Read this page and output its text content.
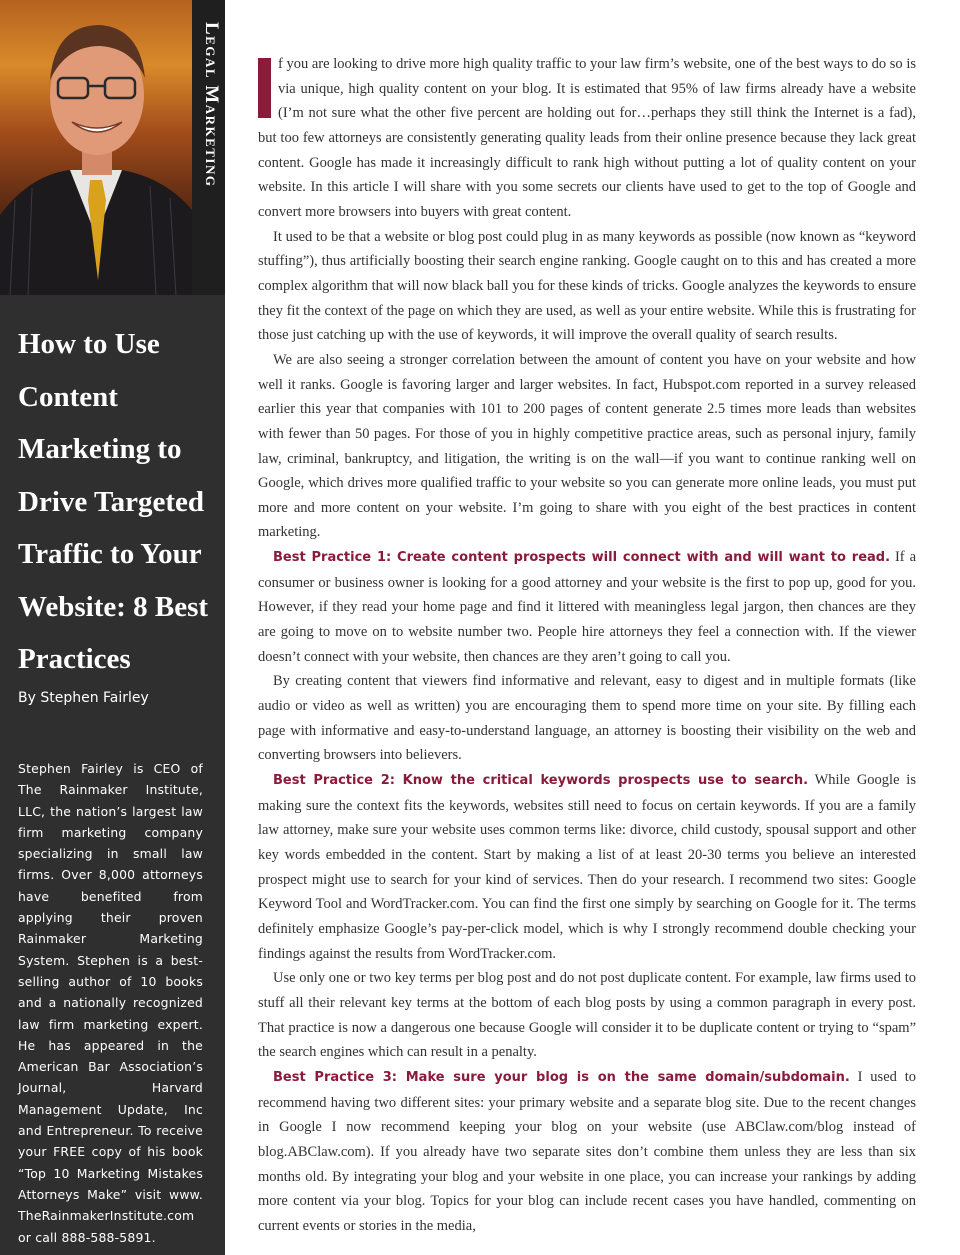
Legal Marketing
How to Use Content Marketing to Drive Targeted Traffic to Your Website: 8 Best Practices

By Stephen Fairley

Stephen Fairley is CEO of The Rainmaker Institute, LLC, the nation’s largest law firm marketing company specializing in small law firms. Over 8,000 attorneys have benefited from applying their proven Rainmaker Marketing System. Stephen is a best-selling author of 10 books and a nationally recognized law firm marketing expert. He has appeared in the American Bar Association’s Journal, Harvard Management Update, Inc and Entrepreneur. To receive your FREE copy of his book “Top 10 Marketing Mistakes Attorneys Make” visit www. TheRainmakerInstitute.com or call 888-588-5891.

f you are looking to drive more high quality traffic to your law firm’s website, one of the best ways to do so is via unique, high quality content on your blog. It is estimated that 95% of law firms already have a website (I’m not sure what the other five percent are holding out for…perhaps they still think the Internet is a fad), but too few attorneys are consistently generating quality leads from their online presence because they lack great content. Google has made it increasingly difficult to rank high without putting a lot of quality content on your website. In this article I will share with you some secrets our clients have used to get to the top of Google and convert more browsers into buyers with great content.

It used to be that a website or blog post could plug in as many keywords as possible (now known as “keyword stuffing”), thus artificially boosting their search engine ranking. Google caught on to this and has created a more complex algorithm that will now black ball you for these kinds of tricks. Google analyzes the keywords to ensure they fit the context of the page on which they are used, as well as your entire website. While this is frustrating for those just catching up with the use of keywords, it will improve the overall quality of search results.

We are also seeing a stronger correlation between the amount of content you have on your website and how well it ranks. Google is favoring larger and larger websites. In fact, Hubspot.com reported in a survey released earlier this year that companies with 101 to 200 pages of content generate 2.5 times more leads than websites with fewer than 50 pages. For those of you in highly competitive practice areas, such as personal injury, family law, criminal, bankruptcy, and litigation, the writing is on the wall—if you want to continue ranking well on Google, which drives more qualified traffic to your website so you can generate more online leads, you must put more and more content on your website. I’m going to share with you eight of the best practices in content marketing.

Best Practice 1: Create content prospects will connect with and will want to read. If a consumer or business owner is looking for a good attorney and your website is the first to pop up, good for you. However, if they read your home page and find it littered with meaningless legal jargon, then chances are they are going to move on to website number two. People hire attorneys they feel a connection with. If the viewer doesn’t connect with your website, then chances are they aren’t going to call you.

By creating content that viewers find informative and relevant, easy to digest and in multiple formats (like audio or video as well as written) you are encouraging them to spend more time on your site. By filling each page with informative and easy-to-understand language, an attorney is boosting their visibility on the web and converting browsers into believers.

Best Practice 2: Know the critical keywords prospects use to search. While Google is making sure the context fits the keywords, websites still need to focus on certain keywords. If you are a family law attorney, make sure your website uses common terms like: divorce, child custody, spousal support and other key words embedded in the content. Start by making a list of at least 20-30 terms you believe an interested prospect might use to search for your kind of services. Then do your research. I recommend two sites: Google Keyword Tool and WordTracker.com. You can find the first one simply by searching on Google for it. The terms definitely emphasize Google’s pay-per-click model, which is why I strongly recommend double checking your findings against the results from WordTracker.com.

Use only one or two key terms per blog post and do not post duplicate content. For example, law firms used to stuff all their relevant key terms at the bottom of each blog posts by using a common paragraph in every post. That practice is now a dangerous one because Google will consider it to be duplicate content or trying to “spam” the search engines which can result in a penalty.

Best Practice 3: Make sure your blog is on the same domain/subdomain. I used to recommend having two different sites: your primary website and a separate blog site. Due to the recent changes in Google I now recommend keeping your blog on your website (use ABClaw.com/blog instead of blog.ABClaw.com). If you already have two separate sites don’t combine them unless they are less than six months old. By integrating your blog and your website in one place, you can increase your rankings by adding more content via your blog. Topics for your blog can include recent cases you have handled, commenting on current events or stories in the media,
